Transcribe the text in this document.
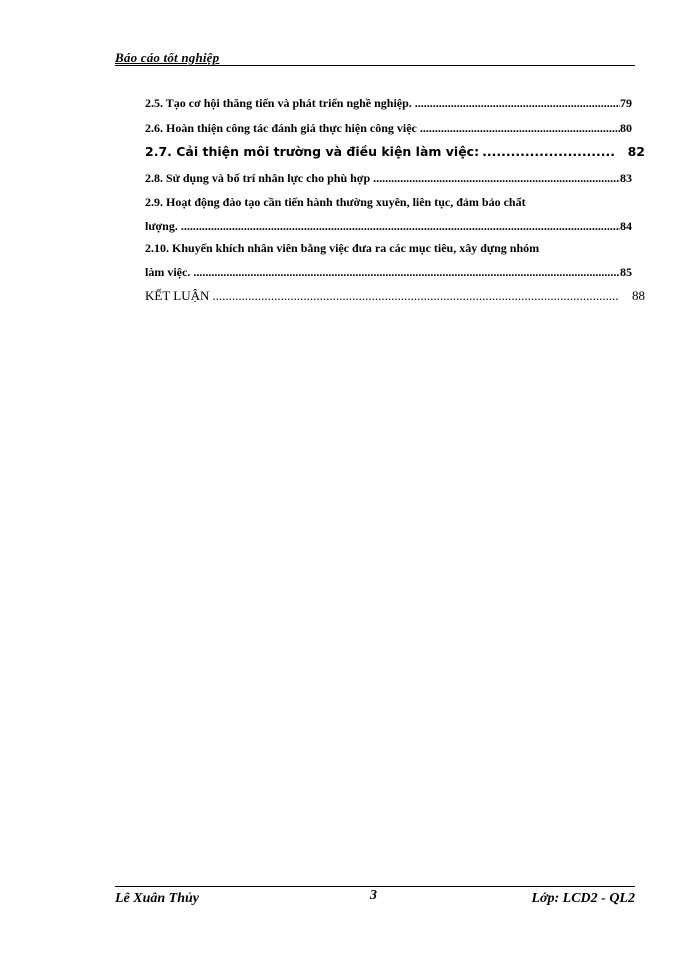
Báo cáo tốt nghiệp
2.5. Tạo cơ hội thăng tiến và phát triển nghề nghiệp. .....	79
2.6. Hoàn thiện công tác đánh giá thực hiện công việc .....	80
2.7. Cải thiện môi trường và điều kiện làm việc: .....	82
2.8. Sử dụng và bố trí nhân lực cho phù hợp .....	83
2.9. Hoạt động đào tạo cần tiến hành thường xuyên, liên tục, đảm bảo chất
lượng. .....	84
2.10. Khuyến khích nhân viên bằng việc đưa ra các mục tiêu, xây dựng nhóm
làm việc. .....	85
KẾT LUẬN .....	88
Lê Xuân Thủy	3	Lớp: LCD2 - QL2
